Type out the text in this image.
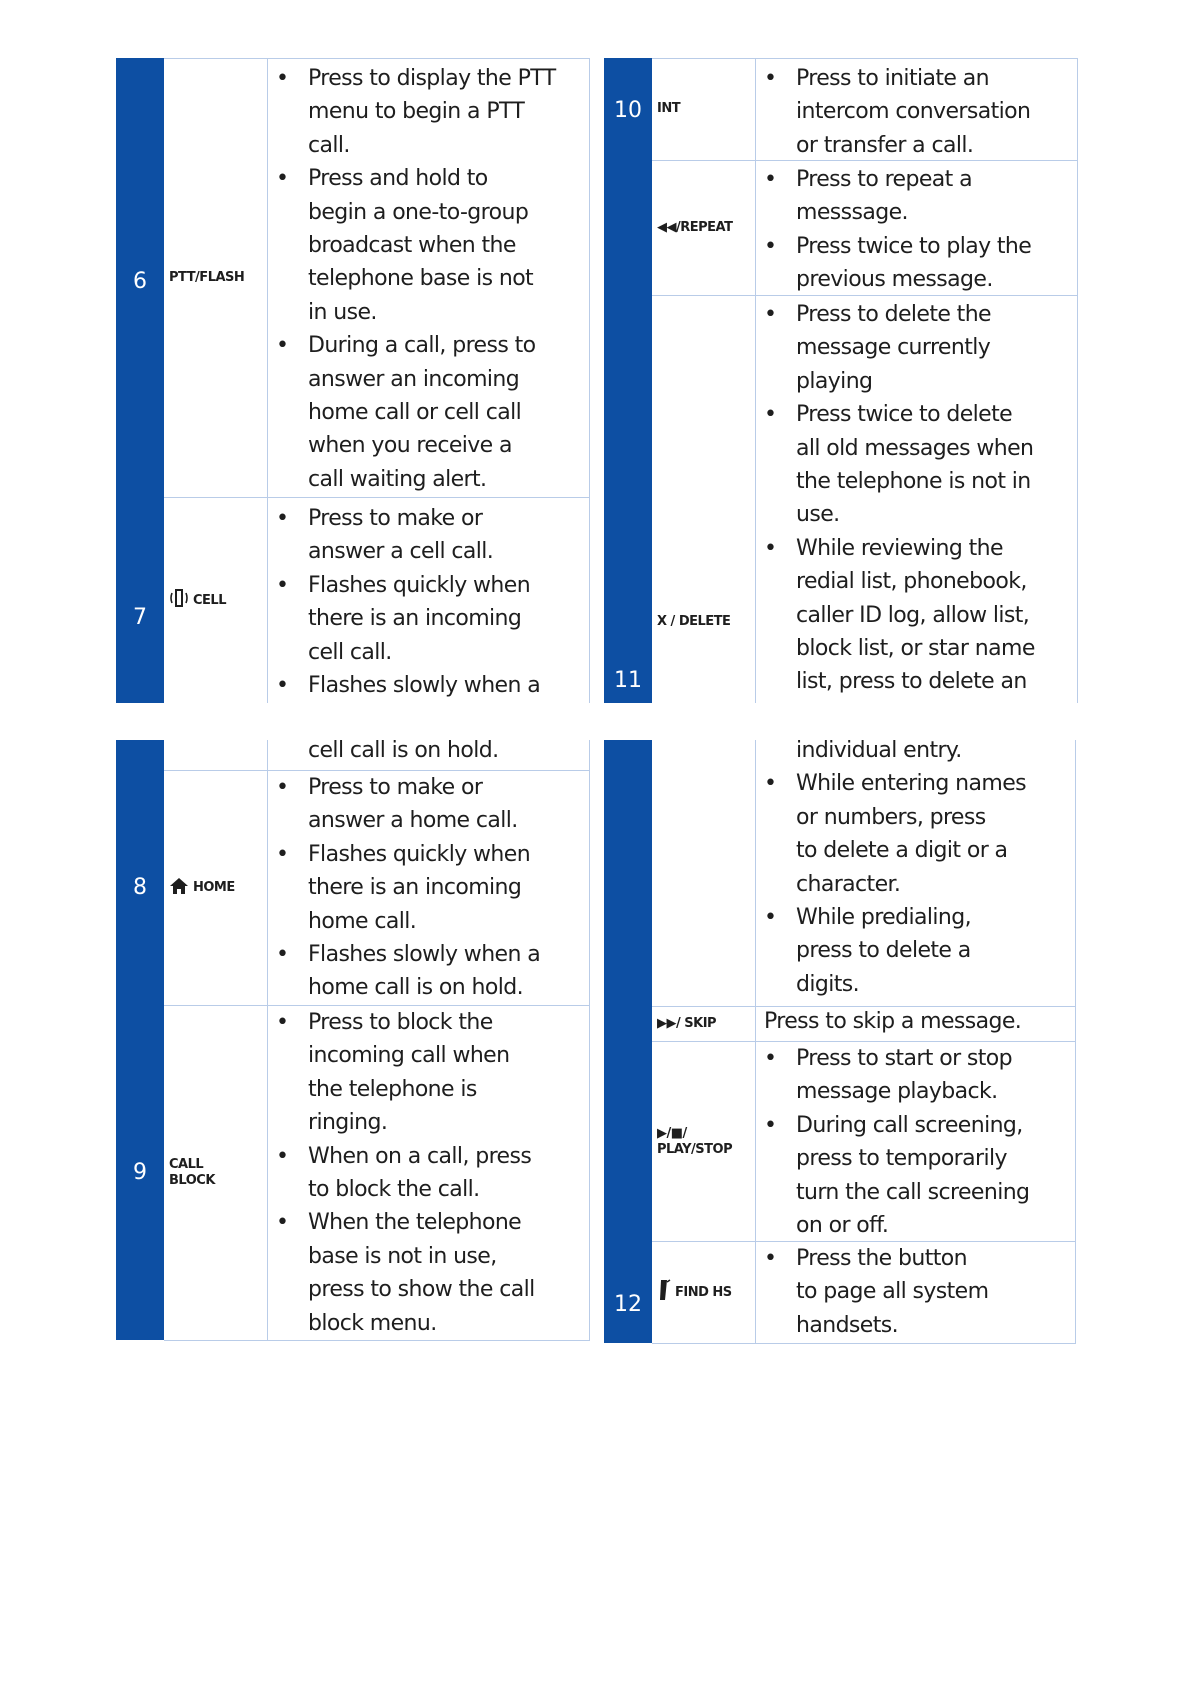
6
7
PTT/FLASH
• Press to display the PTT
menu to begin a PTT
call.
• Press and hold to
begin a one-to-group
broadcast when the
telephone base is not
in use.
• During a call, press to
answer an incoming
home call or cell call
when you receive a
call waiting alert.
CELL
• Press to make or
answer a cell call.
• Flashes quickly when
there is an incoming
cell call.
• Flashes slowly when a
10
11
INT
• Press to initiate an
intercom conversation
or transfer a call.
◀◀/REPEAT
• Press to repeat a
messsage.
• Press twice to play the
previous message.
X / DELETE
• Press to delete the
message currently
playing
• Press twice to delete
all old messages when
the telephone is not in
use.
• While reviewing the
redial list, phonebook,
caller ID log, allow list,
block list, or star name
list, press to delete an
8
9
cell call is on hold.
HOME
• Press to make or
answer a home call.
• Flashes quickly when
there is an incoming
home call.
• Flashes slowly when a
home call is on hold.
CALL
BLOCK
• Press to block the
incoming call when
the telephone is
ringing.
• When on a call, press
to block the call.
• When the telephone
base is not in use,
press to show the call
block menu.
12
individual entry.
• While entering names
or numbers, press
to delete a digit or a
character.
• While predialing,
press to delete a
digits.
▶▶/ SKIP	Press to skip a message.
▶/■/
PLAY/STOP
• Press to start or stop
message playback.
• During call screening,
press to temporarily
turn the call screening
on or off.
FIND HS
• Press the button
to page all system
handsets.
